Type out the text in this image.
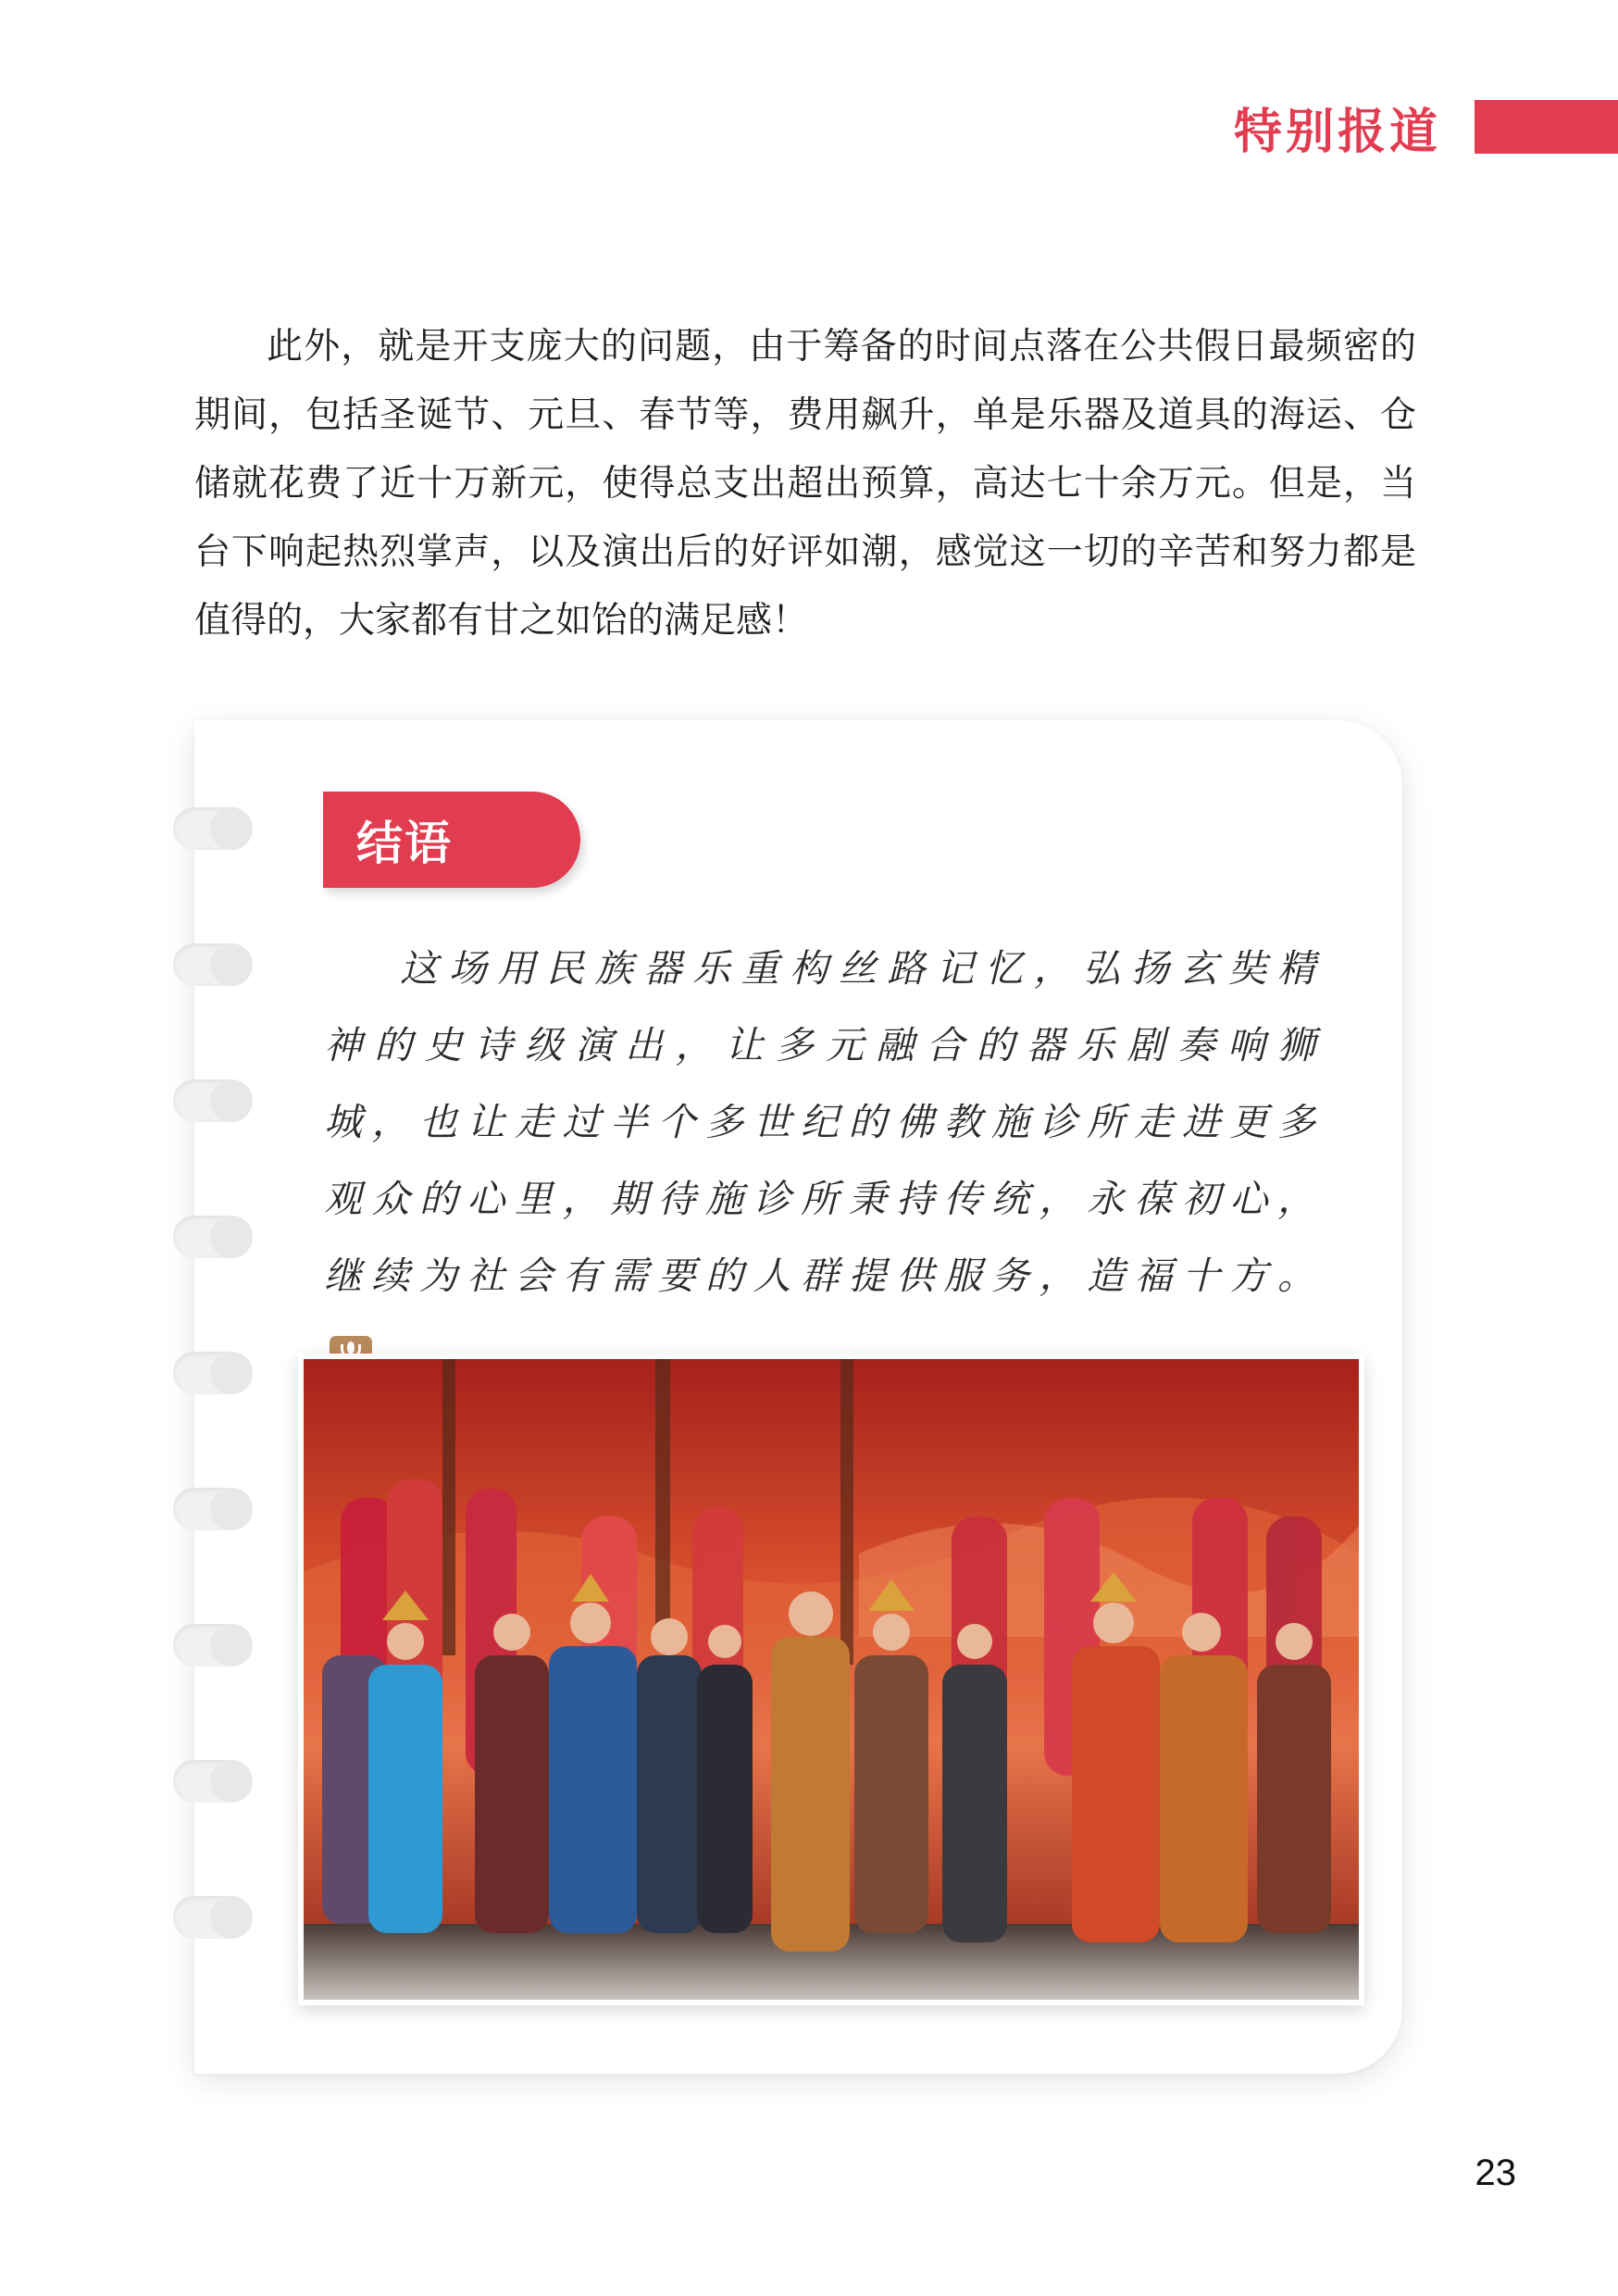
特别报道

此外，就是开支庞大的问题，由于筹备的时间点落在公共假日最频密的期间，包括圣诞节、元旦、春节等，费用飙升，单是乐器及道具的海运、仓储就花费了近十万新元，使得总支出超出预算，高达七十余万元。但是，当台下响起热烈掌声，以及演出后的好评如潮，感觉这一切的辛苦和努力都是值得的，大家都有甘之如饴的满足感！

结语

这场用民族器乐重构丝路记忆，弘扬玄奘精神的史诗级演出，让多元融合的器乐剧奏响狮城，也让走过半个多世纪的佛教施诊所走进更多观众的心里，期待施诊所秉持传统，永葆初心，继续为社会有需要的人群提供服务，造福十方。

23
